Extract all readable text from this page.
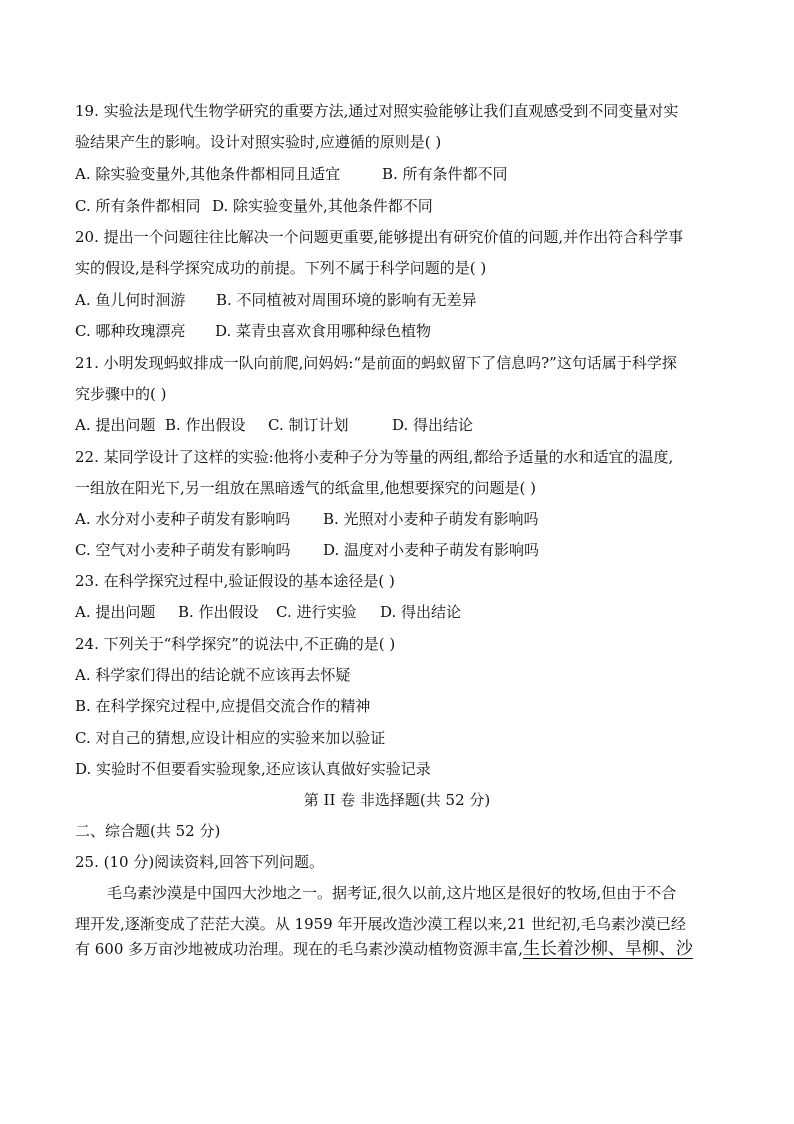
19. 实验法是现代生物学研究的重要方法,通过对照实验能够让我们直观感受到不同变量对实
验结果产生的影响。设计对照实验时,应遵循的原则是( )
A. 除实验变量外,其他条件都相同且适宜	B. 所有条件都不同
C. 所有条件都相同 D. 除实验变量外,其他条件都不同
20. 提出一个问题往往比解决一个问题更重要,能够提出有研究价值的问题,并作出符合科学事
实的假设,是科学探究成功的前提。下列不属于科学问题的是( )
A. 鱼儿何时洄游 B. 不同植被对周围环境的影响有无差异
C. 哪种玫瑰漂亮 D. 菜青虫喜欢食用哪种绿色植物
21. 小明发现蚂蚁排成一队向前爬,问妈妈:“是前面的蚂蚁留下了信息吗?”这句话属于科学探
究步骤中的( )
A. 提出问题 B. 作出假设 C. 制订计划	D. 得出结论
22. 某同学设计了这样的实验:他将小麦种子分为等量的两组,都给予适量的水和适宜的温度,
一组放在阳光下,另一组放在黑暗透气的纸盒里,他想要探究的问题是( )
A. 水分对小麦种子萌发有影响吗 B. 光照对小麦种子萌发有影响吗
C. 空气对小麦种子萌发有影响吗 D. 温度对小麦种子萌发有影响吗
23. 在科学探究过程中,验证假设的基本途径是( )
A. 提出问题 B. 作出假设 C. 进行实验 D. 得出结论
24. 下列关于“科学探究”的说法中,不正确的是( )
A. 科学家们得出的结论就不应该再去怀疑
B. 在科学探究过程中,应提倡交流合作的精神
C. 对自己的猜想,应设计相应的实验来加以验证
D. 实验时不但要看实验现象,还应该认真做好实验记录
第 II 卷 非选择题(共 52 分)
二、综合题(共 52 分)
25. (10 分)阅读资料,回答下列问题。
毛乌素沙漠是中国四大沙地之一。据考证,很久以前,这片地区是很好的牧场,但由于不合
理开发,逐渐变成了茫茫大漠。从 1959 年开展改造沙漠工程以来,21 世纪初,毛乌素沙漠已经
有 600 多万亩沙地被成功治理。现在的毛乌素沙漠动植物资源丰富,生长着沙柳、旱柳、沙
